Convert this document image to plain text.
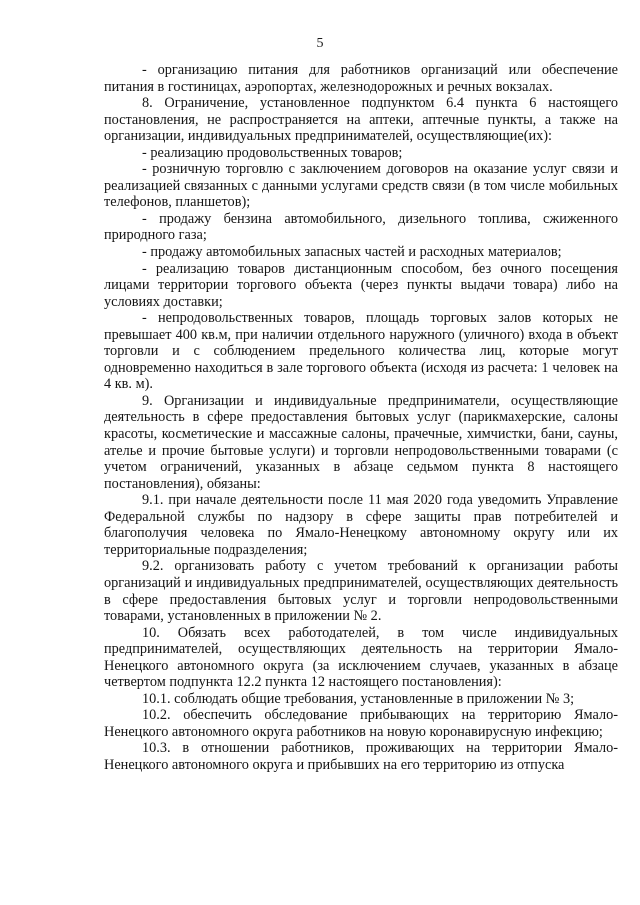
5

- организацию питания для работников организаций или обеспечение питания в гостиницах, аэропортах, железнодорожных и речных вокзалах.

8. Ограничение, установленное подпунктом 6.4 пункта 6 настоящего постановления, не распространяется на аптеки, аптечные пункты, а также на организации, индивидуальных предпринимателей, осуществляющие(их):

- реализацию продовольственных товаров;

- розничную торговлю с заключением договоров на оказание услуг связи и реализацией связанных с данными услугами средств связи (в том числе мобильных телефонов, планшетов);

- продажу бензина автомобильного, дизельного топлива, сжиженного природного газа;

- продажу автомобильных запасных частей и расходных материалов;

- реализацию товаров дистанционным способом, без очного посещения лицами территории торгового объекта (через пункты выдачи товара) либо на условиях доставки;

- непродовольственных товаров, площадь торговых залов которых не превышает 400 кв.м, при наличии отдельного наружного (уличного) входа в объект торговли и с соблюдением предельного количества лиц, которые могут одновременно находиться в зале торгового объекта (исходя из расчета: 1 человек на 4 кв. м).

9. Организации и индивидуальные предприниматели, осуществляющие деятельность в сфере предоставления бытовых услуг (парикмахерские, салоны красоты, косметические и массажные салоны, прачечные, химчистки, бани, сауны, ателье и прочие бытовые услуги) и торговли непродовольственными товарами (с учетом ограничений, указанных в абзаце седьмом пункта 8 настоящего постановления), обязаны:

9.1. при начале деятельности после 11 мая 2020 года уведомить Управление Федеральной службы по надзору в сфере защиты прав потребителей и благополучия человека по Ямало-Ненецкому автономному округу или их территориальные подразделения;

9.2. организовать работу с учетом требований к организации работы организаций и индивидуальных предпринимателей, осуществляющих деятельность в сфере предоставления бытовых услуг и торговли непродовольственными товарами, установленных в приложении № 2.

10. Обязать всех работодателей, в том числе индивидуальных предпринимателей, осуществляющих деятельность на территории Ямало-Ненецкого автономного округа (за исключением случаев, указанных в абзаце четвертом подпункта 12.2 пункта 12 настоящего постановления):

10.1. соблюдать общие требования, установленные в приложении № 3;

10.2. обеспечить обследование прибывающих на территорию Ямало-Ненецкого автономного округа работников на новую коронавирусную инфекцию;

10.3. в отношении работников, проживающих на территории Ямало-Ненецкого автономного округа и прибывших на его территорию из отпуска
